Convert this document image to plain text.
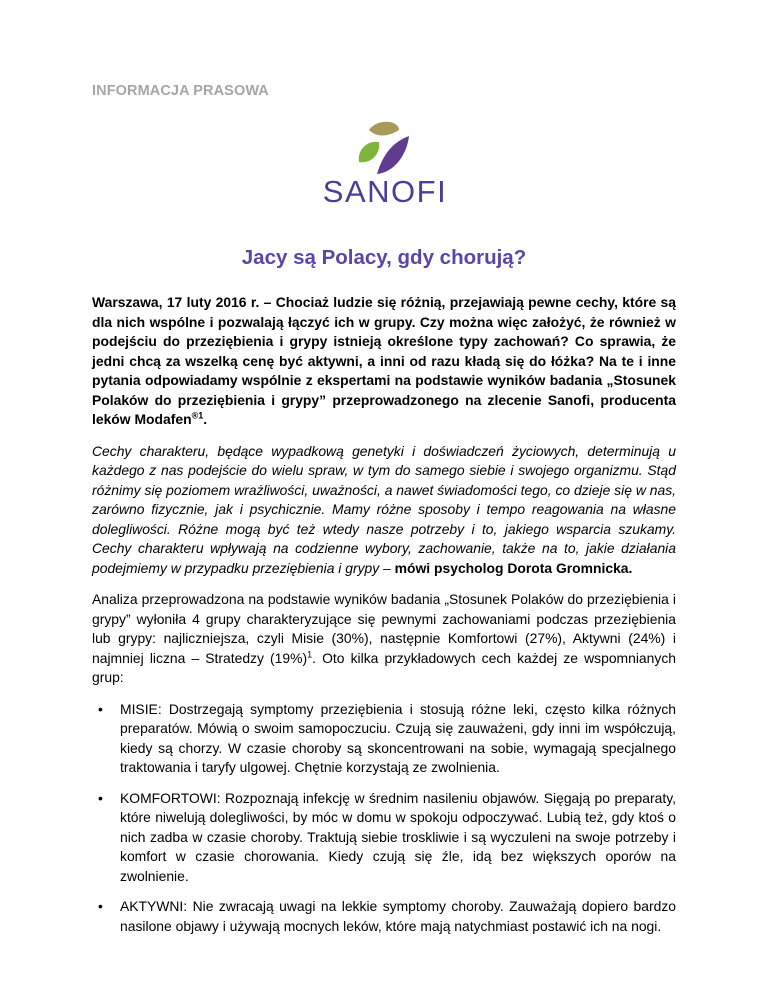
INFORMACJA PRASOWA
SANOFI
Jacy są Polacy, gdy chorują?

Warszawa, 17 luty 2016 r. – Chociaż ludzie się różnią, przejawiają pewne cechy, które są dla nich wspólne i pozwalają łączyć ich w grupy. Czy można więc założyć, że również w podejściu do przeziębienia i grypy istnieją określone typy zachowań? Co sprawia, że jedni chcą za wszelką cenę być aktywni, a inni od razu kładą się do łóżka? Na te i inne pytania odpowiadamy wspólnie z ekspertami na podstawie wyników badania „Stosunek Polaków do przeziębienia i grypy” przeprowadzonego na zlecenie Sanofi, producenta leków Modafen$^{®1}$.

Cechy charakteru, będące wypadkową genetyki i doświadczeń życiowych, determinują u każdego z nas podejście do wielu spraw, w tym do samego siebie i swojego organizmu. Stąd różnimy się poziomem wrażliwości, uważności, a nawet świadomości tego, co dzieje się w nas, zarówno fizycznie, jak i psychicznie. Mamy różne sposoby i tempo reagowania na własne dolegliwości. Różne mogą być też wtedy nasze potrzeby i to, jakiego wsparcia szukamy. Cechy charakteru wpływają na codzienne wybory, zachowanie, także na to, jakie działania podejmiemy w przypadku przeziębienia i grypy – mówi psycholog Dorota Gromnicka.

Analiza przeprowadzona na podstawie wyników badania „Stosunek Polaków do przeziębienia i grypy” wyłoniła 4 grupy charakteryzujące się pewnymi zachowaniami podczas przeziębienia lub grypy: najliczniejsza, czyli Misie (30%), następnie Komfortowi (27%), Aktywni (24%) i najmniej liczna – Stratedzy $(19\%)^1$. Oto kilka przykładowych cech każdej ze wspomnianych grup:

• MISIE: Dostrzegają symptomy przeziębienia i stosują różne leki, często kilka różnych preparatów. Mówią o swoim samopoczuciu. Czują się zauważeni, gdy inni im współczują, kiedy są chorzy. W czasie choroby są skoncentrowani na sobie, wymagają specjalnego traktowania i taryfy ulgowej. Chętnie korzystają ze zwolnienia.
• KOMFORTOWI: Rozpoznają infekcję w średnim nasileniu objawów. Sięgają po preparaty, które niwelują dolegliwości, by móc w domu w spokoju odpoczywać. Lubią też, gdy ktoś o nich zadba w czasie choroby. Traktują siebie troskliwie i są wyczuleni na swoje potrzeby i komfort w czasie chorowania. Kiedy czują się źle, idą bez większych oporów na zwolnienie.
• AKTYWNI: Nie zwracają uwagi na lekkie symptomy choroby. Zauważają dopiero bardzo nasilone objawy i używają mocnych leków, które mają natychmiast postawić ich na nogi.
